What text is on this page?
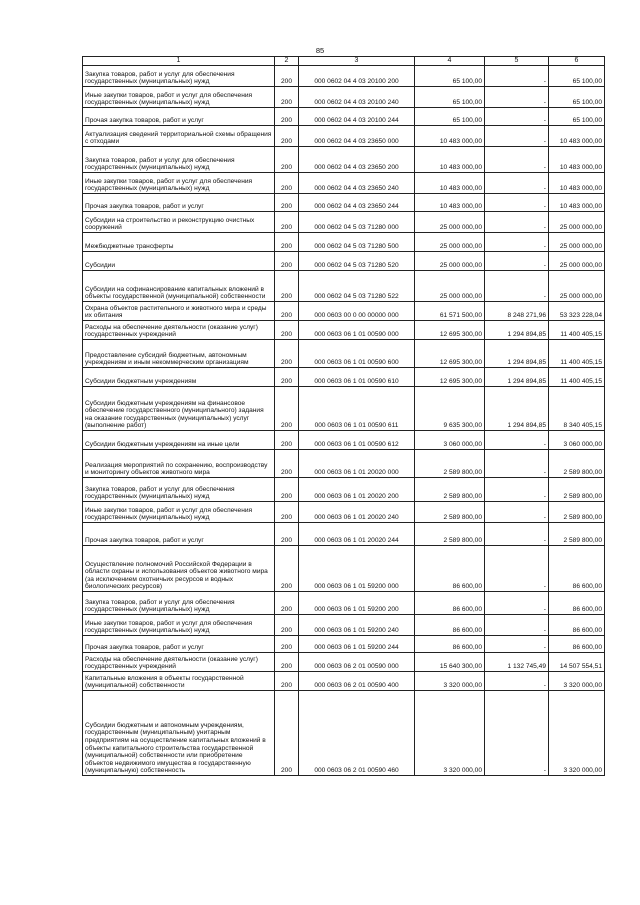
85
1	2	3	4	5	6
Закупка товаров, работ и услуг для обеспечения государственных (муниципальных) нужд	200	000 0602 04 4 03 20100 200	65 100,00	-	65 100,00
Иные закупки товаров, работ и услуг для обеспечения государственных (муниципальных) нужд	200	000 0602 04 4 03 20100 240	65 100,00	-	65 100,00
Прочая закупка товаров, работ и услуг	200	000 0602 04 4 03 20100 244	65 100,00	-	65 100,00
Актуализация сведений территориальной схемы обращения с отходами	200	000 0602 04 4 03 23650 000	10 483 000,00	-	10 483 000,00
Закупка товаров, работ и услуг для обеспечения государственных (муниципальных) нужд	200	000 0602 04 4 03 23650 200	10 483 000,00	-	10 483 000,00
Иные закупки товаров, работ и услуг для обеспечения государственных (муниципальных) нужд	200	000 0602 04 4 03 23650 240	10 483 000,00	-	10 483 000,00
Прочая закупка товаров, работ и услуг	200	000 0602 04 4 03 23650 244	10 483 000,00	-	10 483 000,00
Субсидии на строительство и реконструкцию очистных сооружений	200	000 0602 04 5 03 71280 000	25 000 000,00	-	25 000 000,00
Межбюджетные трансферты	200	000 0602 04 5 03 71280 500	25 000 000,00	-	25 000 000,00
Субсидии	200	000 0602 04 5 03 71280 520	25 000 000,00	-	25 000 000,00
Субсидии на софинансирование капитальных вложений в объекты государственной (муниципальной) собственности	200	000 0602 04 5 03 71280 522	25 000 000,00	-	25 000 000,00
Охрана объектов растительного и животного мира и среды их обитания	200	000 0603 00 0 00 00000 000	61 571 500,00	8 248 271,96	53 323 228,04
Расходы на обеспечение деятельности (оказание услуг) государственных учреждений	200	000 0603 06 1 01 00590 000	12 695 300,00	1 294 894,85	11 400 405,15
Предоставление субсидий бюджетным, автономным учреждениям и иным некоммерческим организациям	200	000 0603 06 1 01 00590 600	12 695 300,00	1 294 894,85	11 400 405,15
Субсидии бюджетным учреждениям	200	000 0603 06 1 01 00590 610	12 695 300,00	1 294 894,85	11 400 405,15
Субсидии бюджетным учреждениям на финансовое обеспечение государственного (муниципального) задания на оказание государственных (муниципальных) услуг (выполнение работ)	200	000 0603 06 1 01 00590 611	9 635 300,00	1 294 894,85	8 340 405,15
Субсидии бюджетным учреждениям на иные цели	200	000 0603 06 1 01 00590 612	3 060 000,00	-	3 060 000,00
Реализация мероприятий по сохранению, воспроизводству и мониторингу объектов животного мира	200	000 0603 06 1 01 20020 000	2 589 800,00	-	2 589 800,00
Закупка товаров, работ и услуг для обеспечения государственных (муниципальных) нужд	200	000 0603 06 1 01 20020 200	2 589 800,00	-	2 589 800,00
Иные закупки товаров, работ и услуг для обеспечения государственных (муниципальных) нужд	200	000 0603 06 1 01 20020 240	2 589 800,00	-	2 589 800,00
Прочая закупка товаров, работ и услуг	200	000 0603 06 1 01 20020 244	2 589 800,00	-	2 589 800,00
Осуществление полномочий Российской Федерации в области охраны и использования объектов животного мира (за исключением охотничьих ресурсов и водных биологических ресурсов)	200	000 0603 06 1 01 59200 000	86 600,00	-	86 600,00
Закупка товаров, работ и услуг для обеспечения государственных (муниципальных) нужд	200	000 0603 06 1 01 59200 200	86 600,00	-	86 600,00
Иные закупки товаров, работ и услуг для обеспечения государственных (муниципальных) нужд	200	000 0603 06 1 01 59200 240	86 600,00	-	86 600,00
Прочая закупка товаров, работ и услуг	200	000 0603 06 1 01 59200 244	86 600,00	-	86 600,00
Расходы на обеспечение деятельности (оказание услуг) государственных учреждений	200	000 0603 06 2 01 00590 000	15 640 300,00	1 132 745,49	14 507 554,51
Капитальные вложения в объекты государственной (муниципальной) собственности	200	000 0603 06 2 01 00590 400	3 320 000,00	-	3 320 000,00
Субсидии бюджетным и автономным учреждениям, государственным (муниципальным) унитарным предприятиям на осуществление капитальных вложений в объекты капитального строительства государственной (муниципальной) собственности или приобретение объектов недвижимого имущества в государственную (муниципальную) собственность	200	000 0603 06 2 01 00590 460	3 320 000,00	-	3 320 000,00
